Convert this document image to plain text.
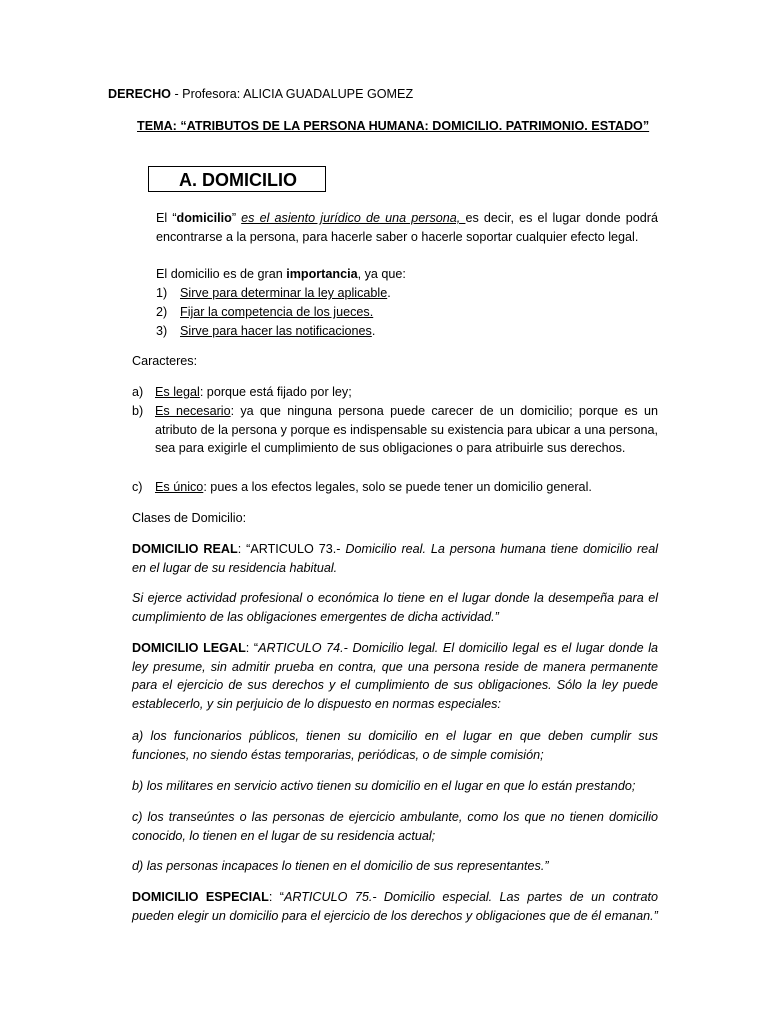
DERECHO - Profesora: ALICIA GUADALUPE GOMEZ
TEMA: “ATRIBUTOS DE LA PERSONA HUMANA: DOMICILIO. PATRIMONIO. ESTADO”
A. DOMICILIO
El “domicilio” es el asiento jurídico de una persona, es decir, es el lugar donde podrá encontrarse a la persona, para hacerle saber o hacerle soportar cualquier efecto legal.
El domicilio es de gran importancia, ya que:
1) Sirve para determinar la ley aplicable.
2) Fijar la competencia de los jueces.
3) Sirve para hacer las notificaciones.
Caracteres:
a) Es legal: porque está fijado por ley;
b) Es necesario: ya que ninguna persona puede carecer de un domicilio; porque es un atributo de la persona y porque es indispensable su existencia para ubicar a una persona, sea para exigirle el cumplimiento de sus obligaciones o para atribuirle sus derechos.
c) Es único: pues a los efectos legales, solo se puede tener un domicilio general.
Clases de Domicilio:
DOMICILIO REAL: “ARTICULO 73.- Domicilio real. La persona humana tiene domicilio real en el lugar de su residencia habitual.
Si ejerce actividad profesional o económica lo tiene en el lugar donde la desempeña para el cumplimiento de las obligaciones emergentes de dicha actividad.”
DOMICILIO LEGAL: “ARTICULO 74.- Domicilio legal. El domicilio legal es el lugar donde la ley presume, sin admitir prueba en contra, que una persona reside de manera permanente para el ejercicio de sus derechos y el cumplimiento de sus obligaciones. Sólo la ley puede establecerlo, y sin perjuicio de lo dispuesto en normas especiales:
a) los funcionarios públicos, tienen su domicilio en el lugar en que deben cumplir sus funciones, no siendo éstas temporarias, periódicas, o de simple comisión;
b) los militares en servicio activo tienen su domicilio en el lugar en que lo están prestando;
c) los transeúntes o las personas de ejercicio ambulante, como los que no tienen domicilio conocido, lo tienen en el lugar de su residencia actual;
d) las personas incapaces lo tienen en el domicilio de sus representantes.”
DOMICILIO ESPECIAL: “ARTICULO 75.- Domicilio especial. Las partes de un contrato pueden elegir un domicilio para el ejercicio de los derechos y obligaciones que de él emanan.”
